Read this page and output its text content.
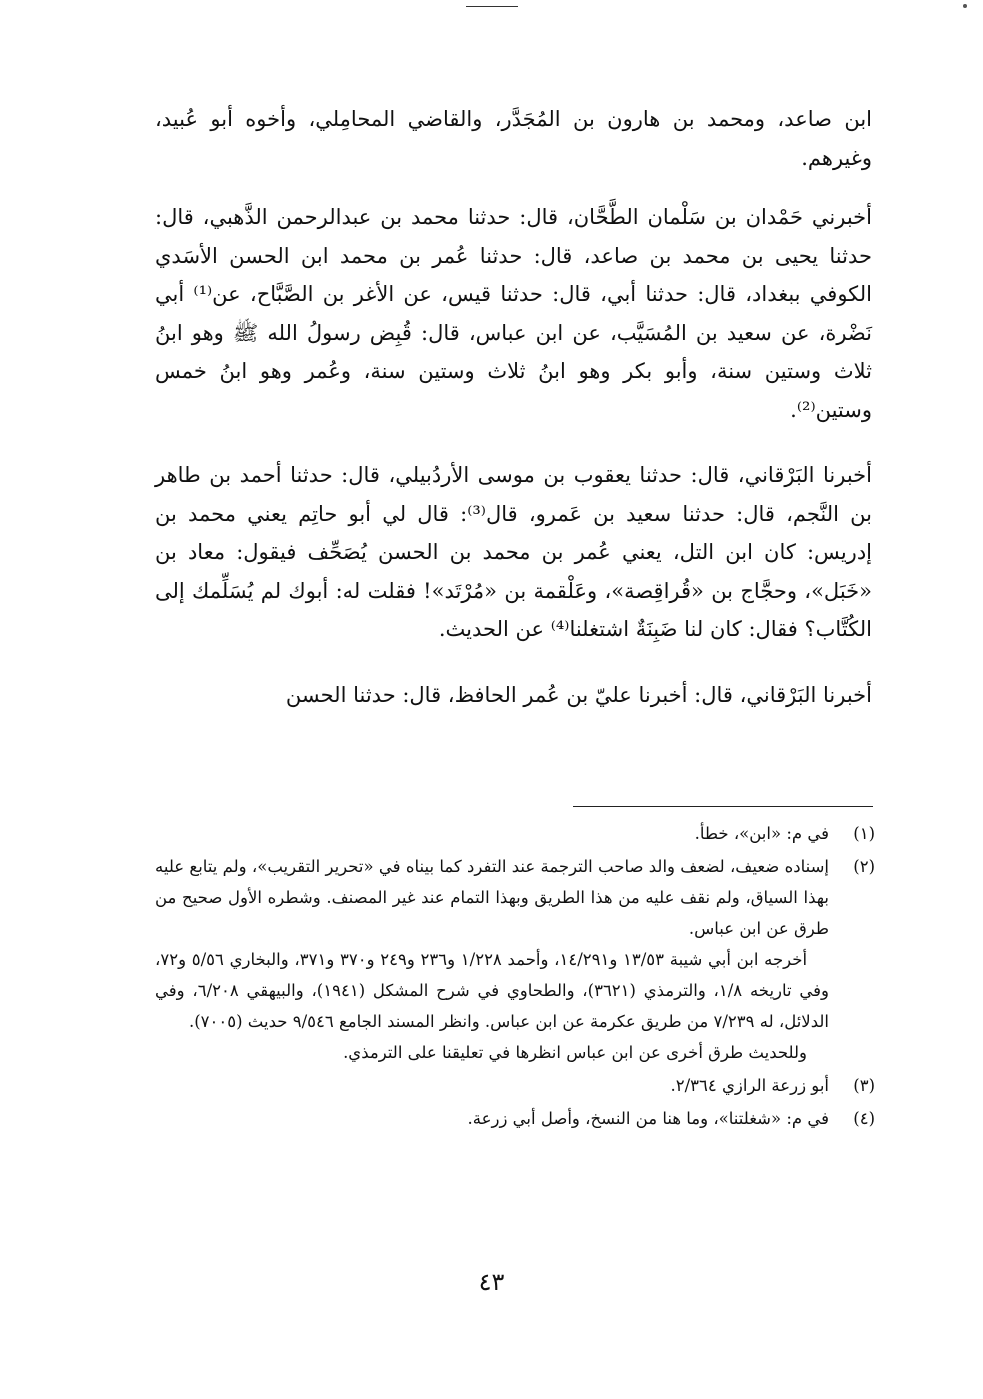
ابن صاعد، ومحمد بن هارون بن المُجَدَّر، والقاضي المحامِلي، وأخوه أبو عُبيد، وغيرهم.

أخبرني حَمْدان بن سَلْمان الطَّحَّان، قال: حدثنا محمد بن عبدالرحمن الذَّهبي، قال: حدثنا يحيى بن محمد بن صاعد، قال: حدثنا عُمر بن محمد ابن الحسن الأسَدي الكوفي ببغداد، قال: حدثنا أبي، قال: حدثنا قيس، عن الأغر بن الصَّبَّاح، عن⁽¹⁾ أبي نَضْرة، عن سعيد بن المُسَيَّب، عن ابن عباس، قال: قُبِض رسولُ الله ﷺ وهو ابنُ ثلاث وستين سنة، وأبو بكر وهو ابنُ ثلاث وستين سنة، وعُمر وهو ابنُ خمس وستين⁽²⁾.

أخبرنا البَرْقاني، قال: حدثنا يعقوب بن موسى الأردُبيلي، قال: حدثنا أحمد بن طاهر بن النَّجم، قال: حدثنا سعيد بن عَمرو، قال⁽³⁾: قال لي أبو حاتِم يعني محمد بن إدريس: كان ابن التل، يعني عُمر بن محمد بن الحسن يُصَحِّف فيقول: معاد بن «خَبَل»، وحجَّاج بن «قُراقِصة»، وعَلْقمة بن «مُرْتَد»! فقلت له: أبوك لم يُسَلِّمك إلى الكُتَّاب؟ فقال: كان لنا ضَبِنَةٌ اشتغلنا⁽⁴⁾ عن الحديث.

أخبرنا البَرْقاني، قال: أخبرنا عليّ بن عُمر الحافظ، قال: حدثنا الحسن

(١)

في م: «ابن»، خطأ.

(٢)

إسناده ضعيف، لضعف والد صاحب الترجمة عند التفرد كما بيناه في «تحرير التقريب»، ولم يتابع عليه بهذا السياق، ولم نقف عليه من هذا الطريق وبهذا التمام عند غير المصنف. وشطره الأول صحيح من طرق عن ابن عباس.

أخرجه ابن أبي شيبة ١٣/٥٣ و١٤/٢٩١، وأحمد ١/٢٢٨ و٢٣٦ و٢٤٩ و٣٧٠ و٣٧١، والبخاري ٥/٥٦ و٧٢، وفي تاريخه ١/٨، والترمذي (٣٦٢١)، والطحاوي في شرح المشكل (١٩٤١)، والبيهقي ٦/٢٠٨، وفي الدلائل، له ٧/٢٣٩ من طريق عكرمة عن ابن عباس. وانظر المسند الجامع ٩/٥٤٦ حديث (٧٠٠٥).

وللحديث طرق أخرى عن ابن عباس انظرها في تعليقنا على الترمذي.

(٣)

أبو زرعة الرازي ٢/٣٦٤.

(٤)

في م: «شغلتنا»، وما هنا من النسخ، وأصل أبي زرعة.

٤٣
